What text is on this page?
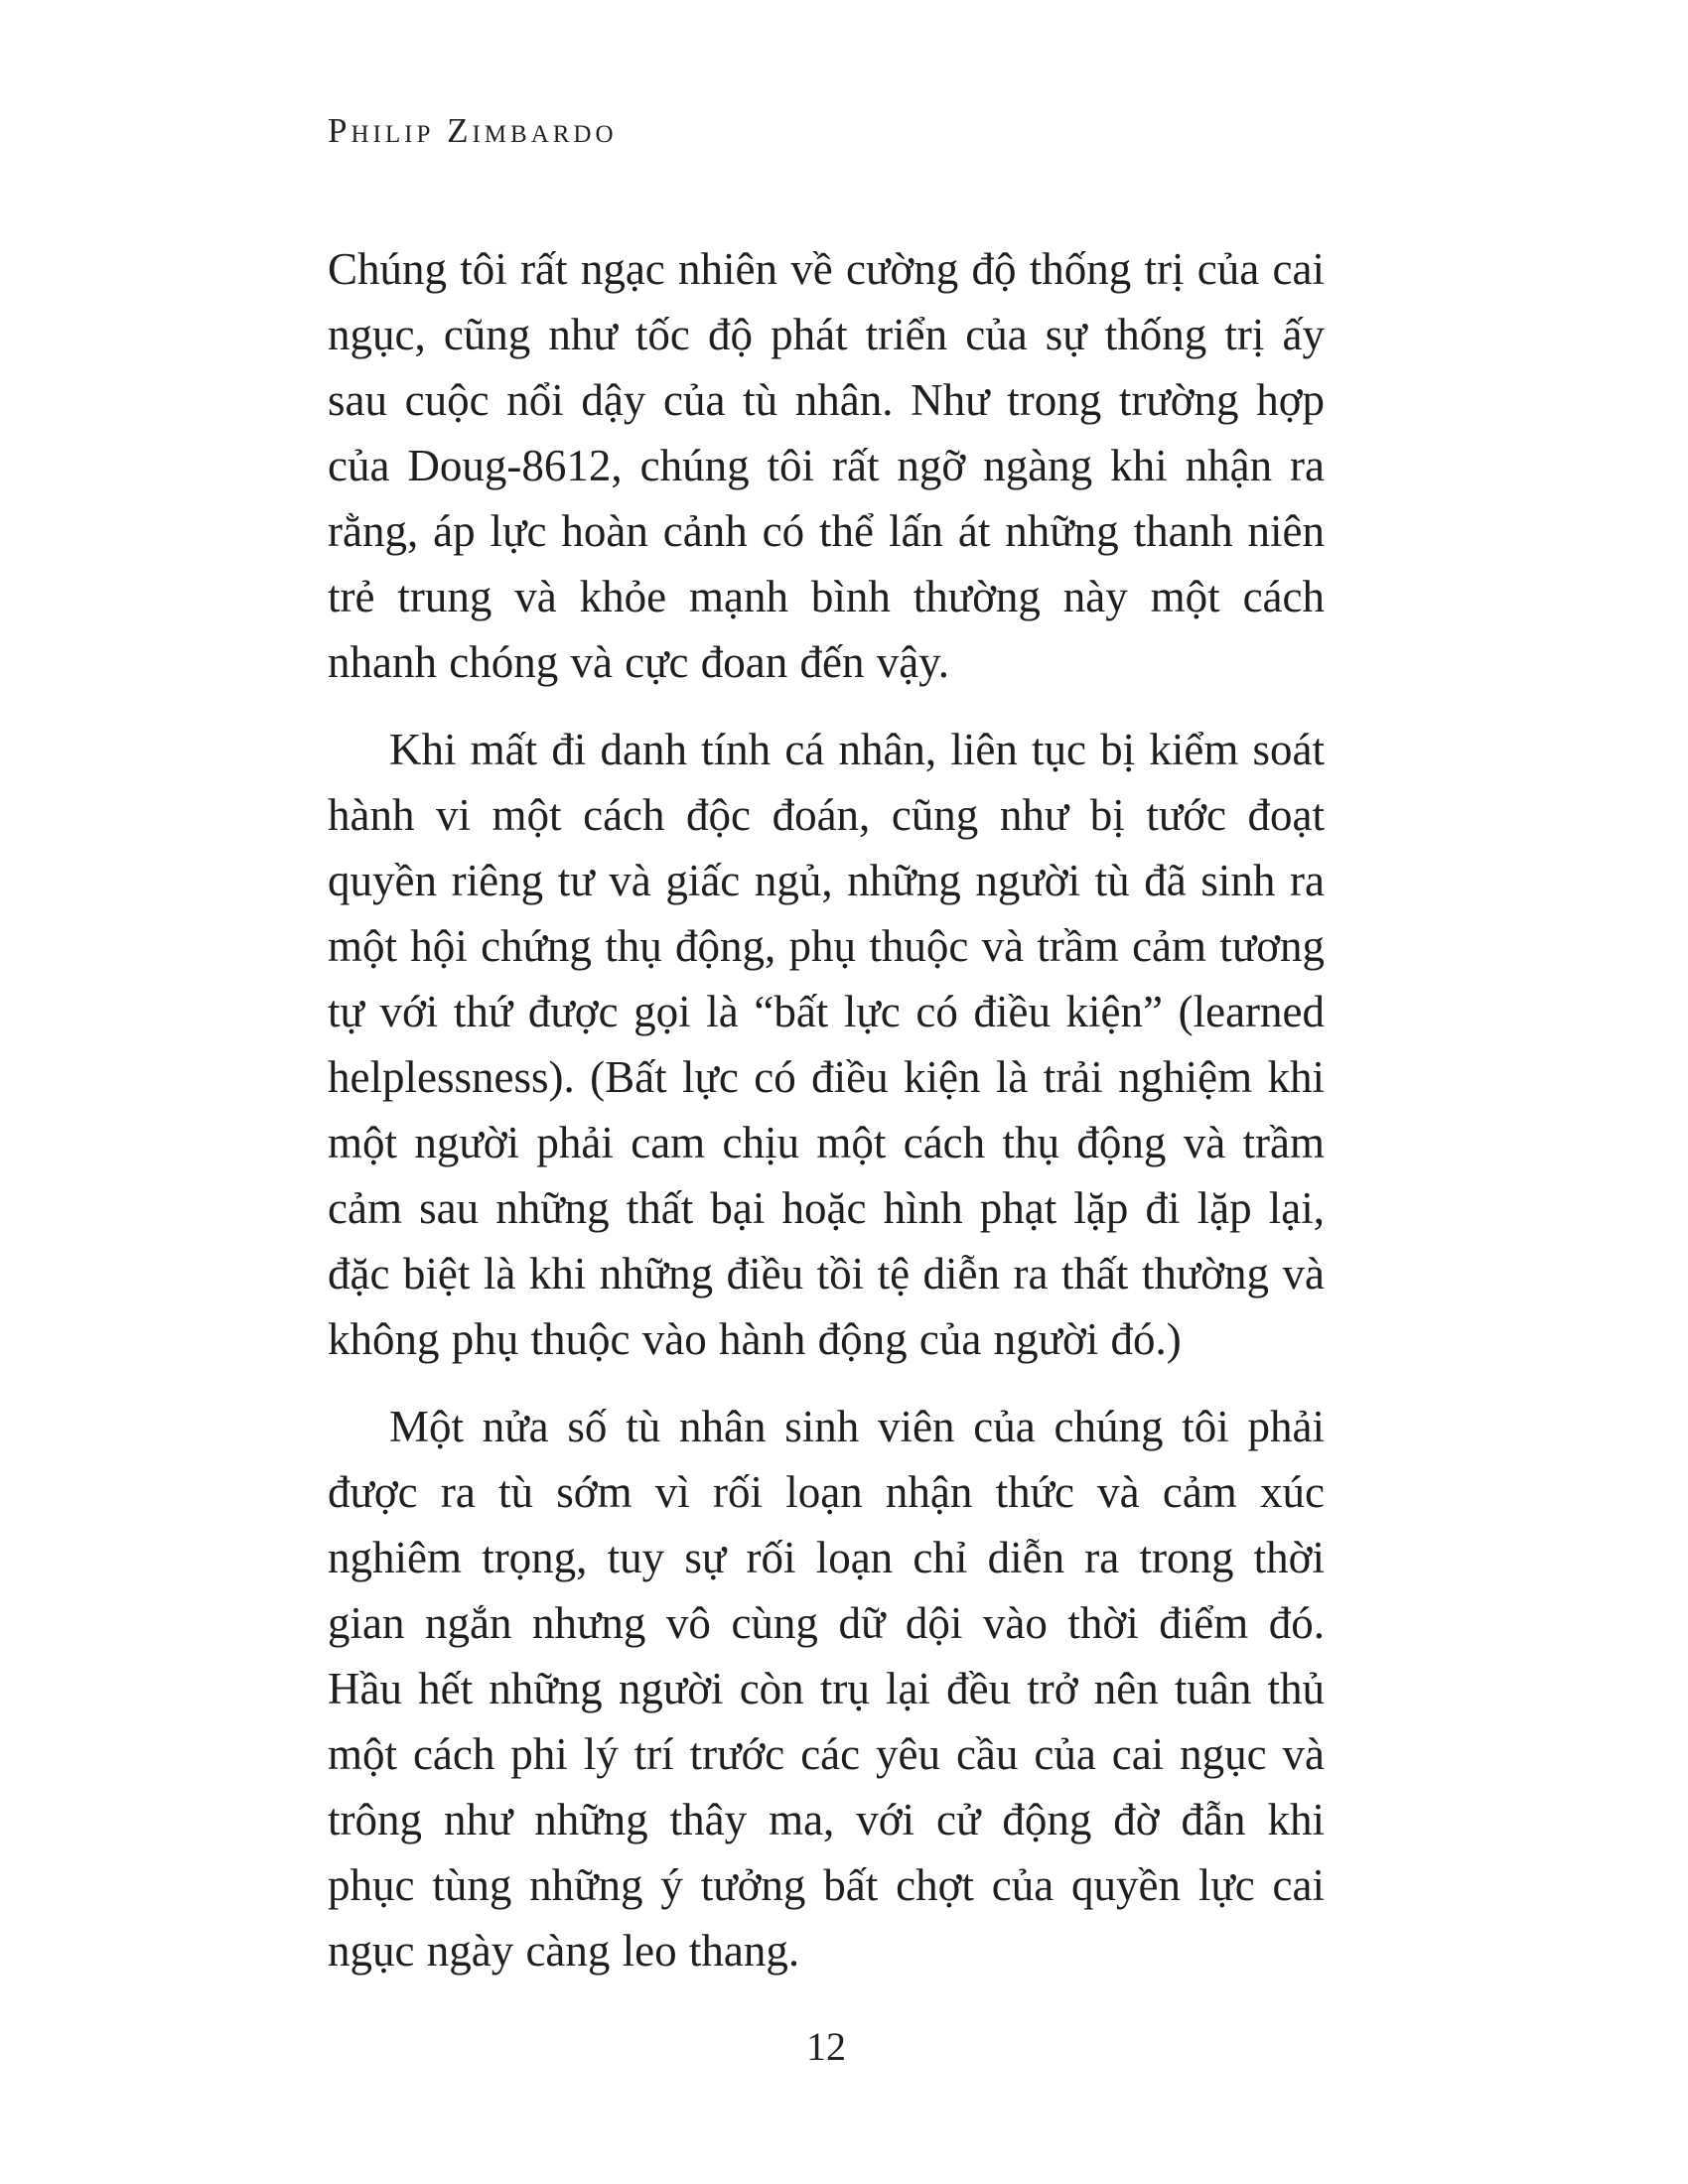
Philip Zimbardo

Chúng tôi rất ngạc nhiên về cường độ thống trị của cai ngục, cũng như tốc độ phát triển của sự thống trị ấy sau cuộc nổi dậy của tù nhân. Như trong trường hợp của Doug-8612, chúng tôi rất ngỡ ngàng khi nhận ra rằng, áp lực hoàn cảnh có thể lấn át những thanh niên trẻ trung và khỏe mạnh bình thường này một cách nhanh chóng và cực đoan đến vậy.

Khi mất đi danh tính cá nhân, liên tục bị kiểm soát hành vi một cách độc đoán, cũng như bị tước đoạt quyền riêng tư và giấc ngủ, những người tù đã sinh ra một hội chứng thụ động, phụ thuộc và trầm cảm tương tự với thứ được gọi là “bất lực có điều kiện” (learned helplessness). (Bất lực có điều kiện là trải nghiệm khi một người phải cam chịu một cách thụ động và trầm cảm sau những thất bại hoặc hình phạt lặp đi lặp lại, đặc biệt là khi những điều tồi tệ diễn ra thất thường và không phụ thuộc vào hành động của người đó.)

Một nửa số tù nhân sinh viên của chúng tôi phải được ra tù sớm vì rối loạn nhận thức và cảm xúc nghiêm trọng, tuy sự rối loạn chỉ diễn ra trong thời gian ngắn nhưng vô cùng dữ dội vào thời điểm đó. Hầu hết những người còn trụ lại đều trở nên tuân thủ một cách phi lý trí trước các yêu cầu của cai ngục và trông như những thây ma, với cử động đờ đẫn khi phục tùng những ý tưởng bất chợt của quyền lực cai ngục ngày càng leo thang.

12
